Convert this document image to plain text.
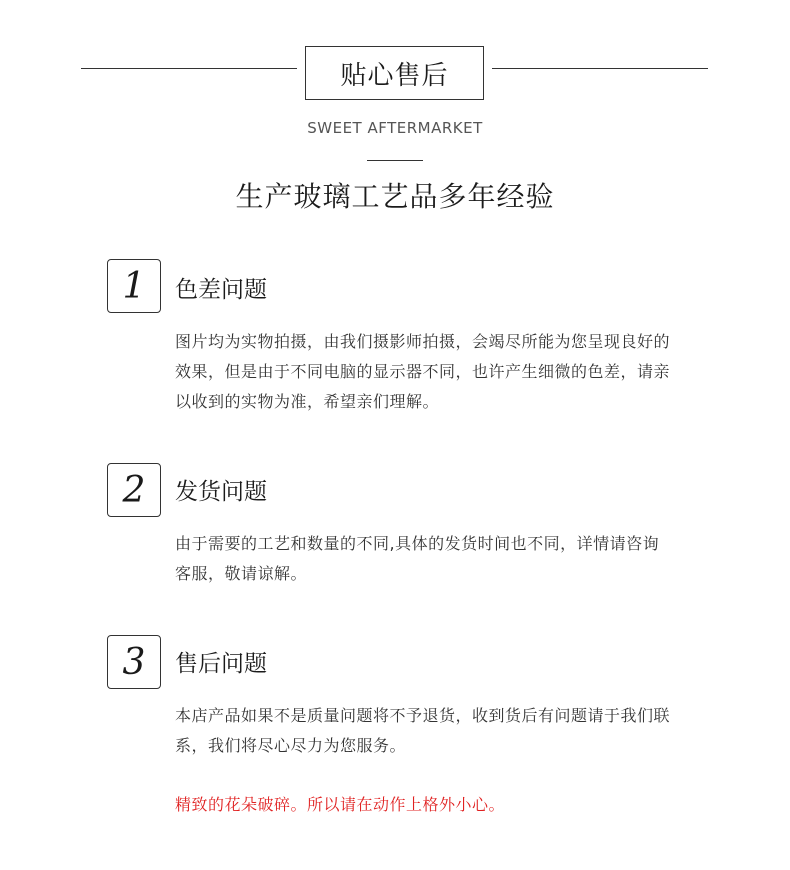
贴心售后
SWEET AFTERMARKET
生产玻璃工艺品多年经验
1	色差问题
图片均为实物拍摄，由我们摄影师拍摄，会竭尽所能为您呈现良好的效果，但是由于不同电脑的显示器不同，也许产生细微的色差，请亲以收到的实物为准，希望亲们理解。
2	发货问题
由于需要的工艺和数量的不同,具体的发货时间也不同，详情请咨询客服，敬请谅解。
3	售后问题
本店产品如果不是质量问题将不予退货，收到货后有问题请于我们联系，我们将尽心尽力为您服务。
精致的花朵破碎。所以请在动作上格外小心。
